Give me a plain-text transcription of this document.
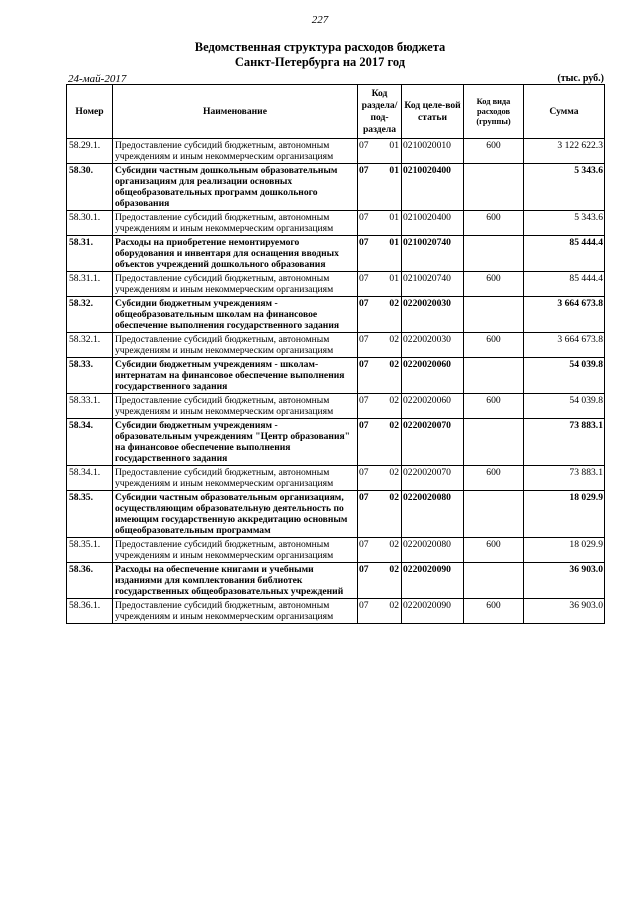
227
Ведомственная структура расходов бюджета
Санкт-Петербурга на 2017 год
24-май-2017	(тыс. руб.)
Номер	Наименование	Код раздела/ под-раздела	Код целе-вой статьи	Код вида расходов (группы)	Сумма
58.29.1.	Предоставление субсидий бюджетным, автономным учреждениям и иным некоммерческим организациям	07 01	0210020010	600	3 122 622.3
58.30.	Субсидии частным дошкольным образовательным организациям для реализации основных общеобразовательных программ дошкольного образования	07 01	0210020400		5 343.6
58.30.1.	Предоставление субсидий бюджетным, автономным учреждениям и иным некоммерческим организациям	07 01	0210020400	600	5 343.6
58.31.	Расходы на приобретение немонтируемого оборудования и инвентаря для оснащения вводных объектов учреждений дошкольного образования	07 01	0210020740		85 444.4
58.31.1.	Предоставление субсидий бюджетным, автономным учреждениям и иным некоммерческим организациям	07 01	0210020740	600	85 444.4
58.32.	Субсидии бюджетным учреждениям - общеобразовательным школам на финансовое обеспечение выполнения государственного задания	07 02	0220020030		3 664 673.8
58.32.1.	Предоставление субсидий бюджетным, автономным учреждениям и иным некоммерческим организациям	07 02	0220020030	600	3 664 673.8
58.33.	Субсидии бюджетным учреждениям - школам-интернатам на финансовое обеспечение выполнения государственного задания	07 02	0220020060		54 039.8
58.33.1.	Предоставление субсидий бюджетным, автономным учреждениям и иным некоммерческим организациям	07 02	0220020060	600	54 039.8
58.34.	Субсидии бюджетным учреждениям - образовательным учреждениям "Центр образования" на финансовое обеспечение выполнения государственного задания	07 02	0220020070		73 883.1
58.34.1.	Предоставление субсидий бюджетным, автономным учреждениям и иным некоммерческим организациям	07 02	0220020070	600	73 883.1
58.35.	Субсидии частным образовательным организациям, осуществляющим образовательную деятельность по имеющим государственную аккредитацию основным общеобразовательным программам	07 02	0220020080		18 029.9
58.35.1.	Предоставление субсидий бюджетным, автономным учреждениям и иным некоммерческим организациям	07 02	0220020080	600	18 029.9
58.36.	Расходы на обеспечение книгами и учебными изданиями для комплектования библиотек государственных общеобразовательных учреждений	07 02	0220020090		36 903.0
58.36.1.	Предоставление субсидий бюджетным, автономным учреждениям и иным некоммерческим организациям	07 02	0220020090	600	36 903.0
